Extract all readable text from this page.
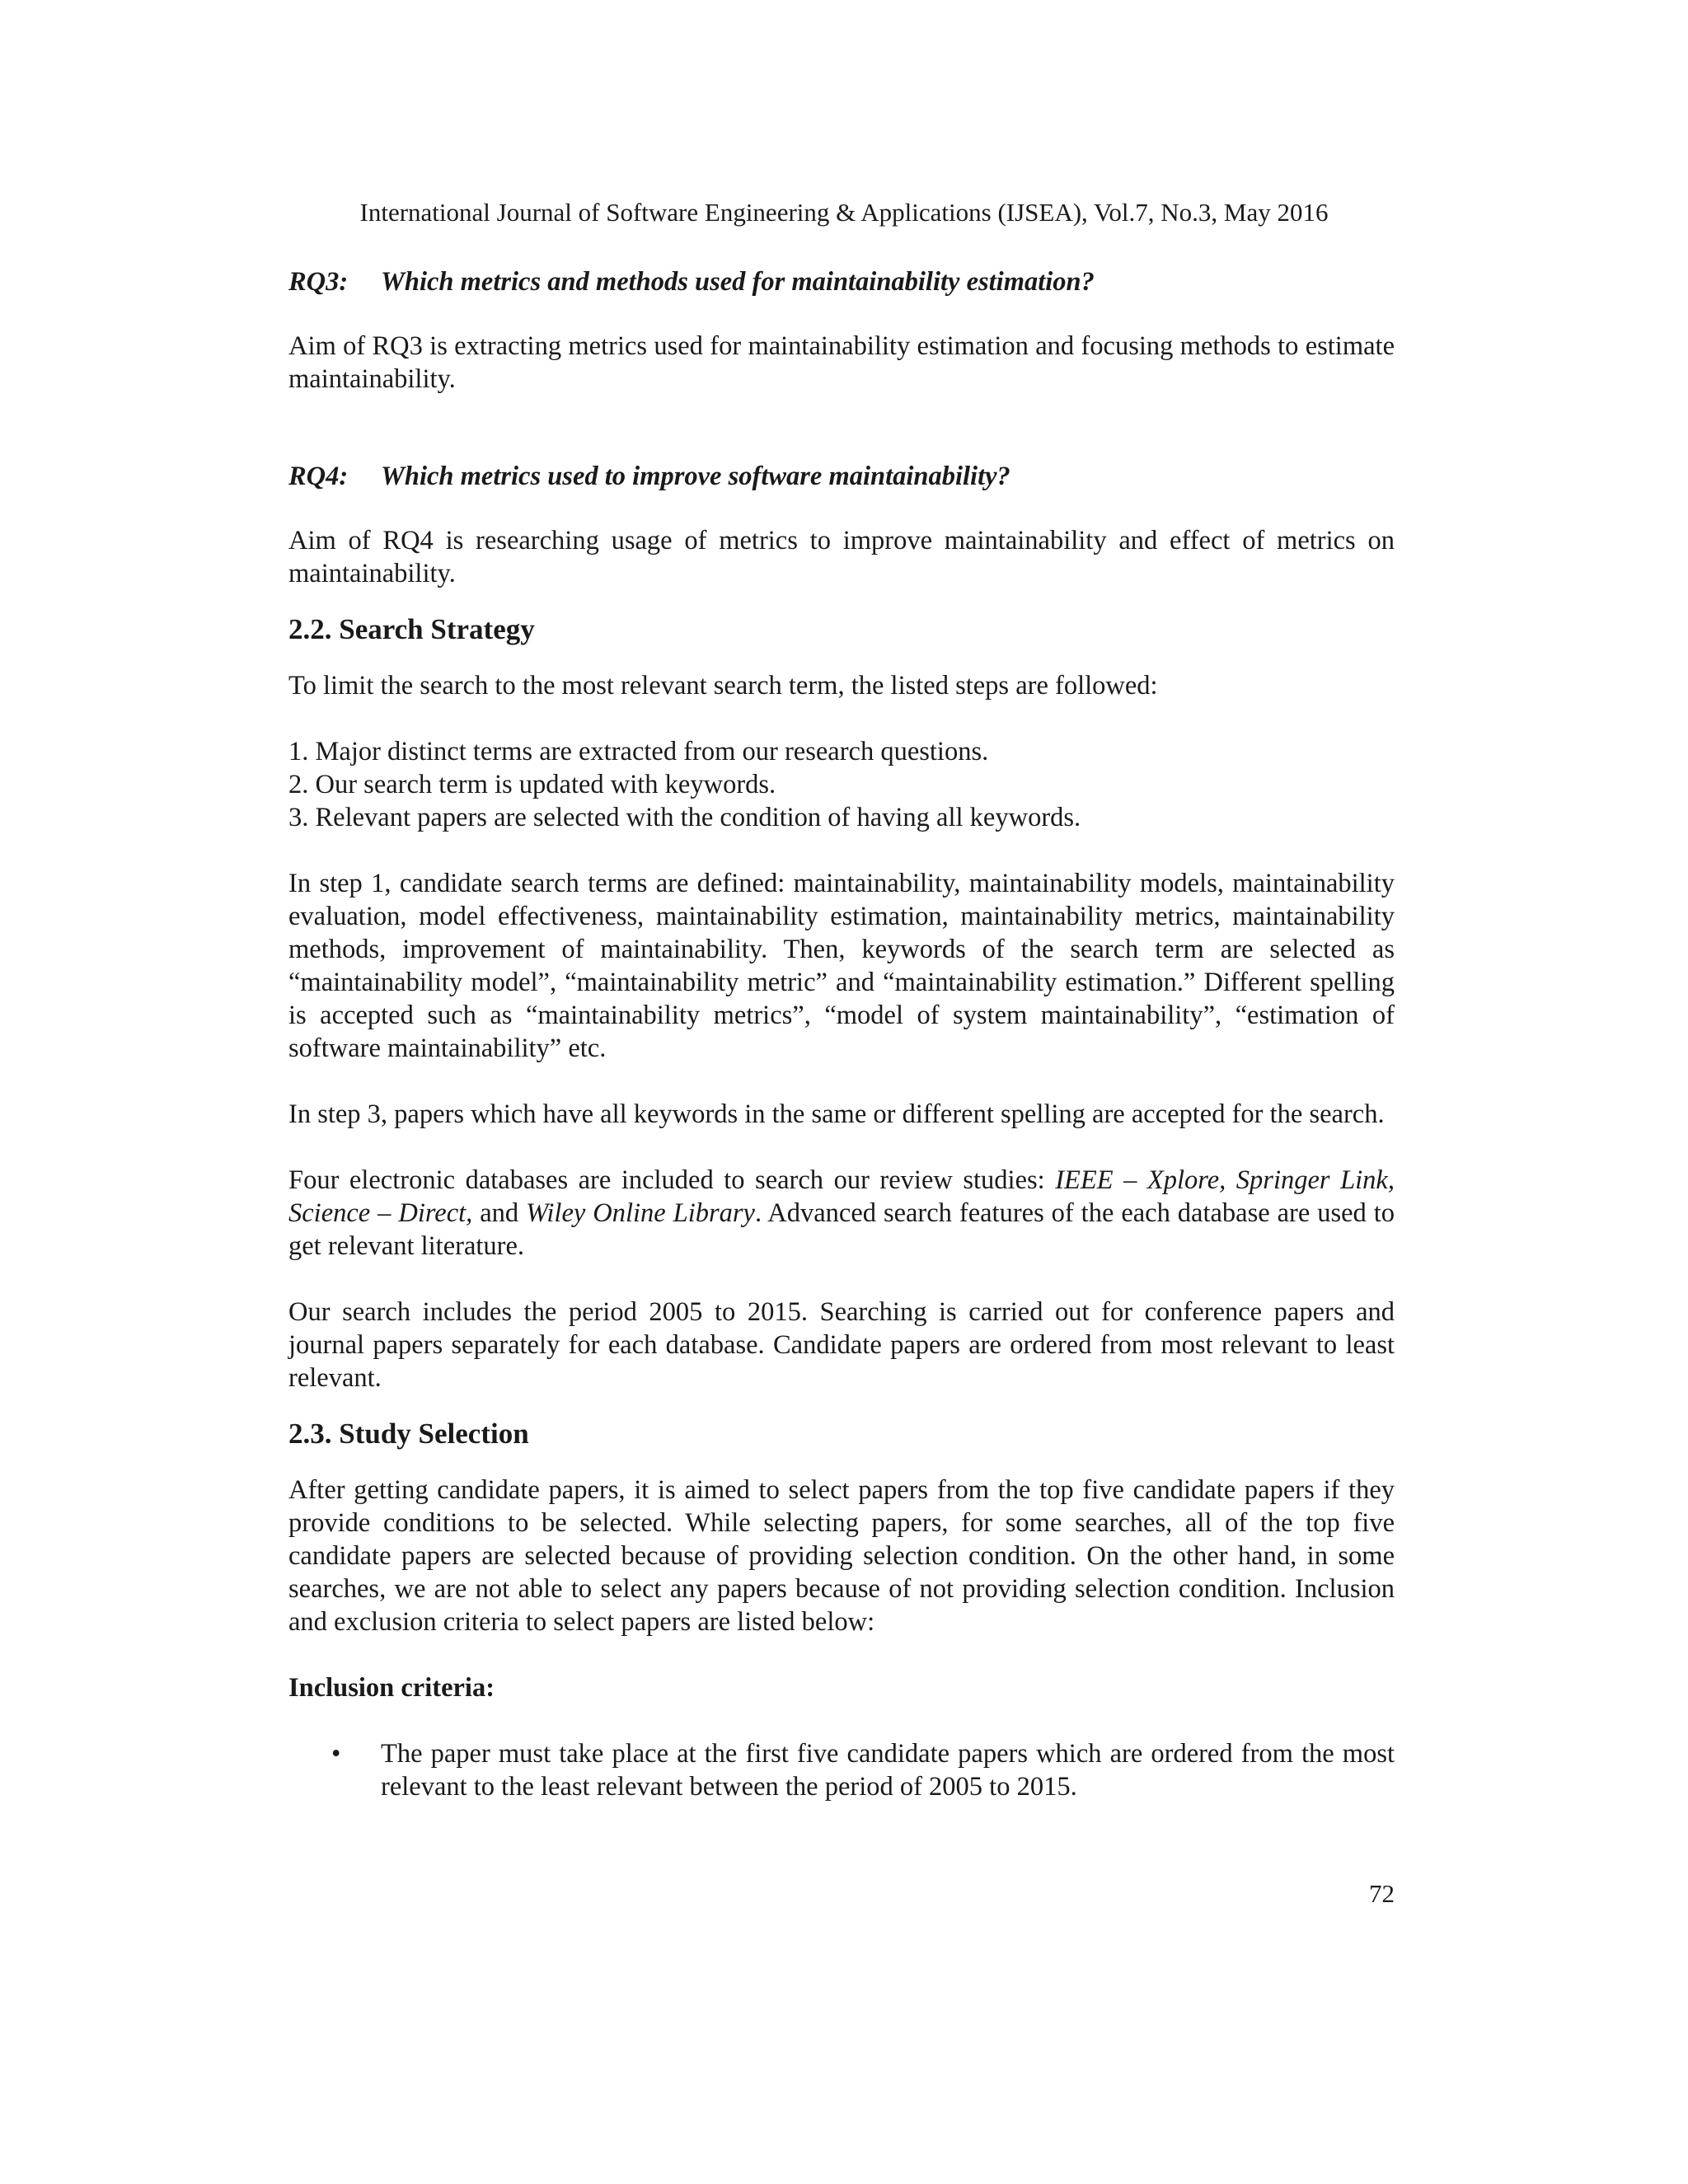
International Journal of Software Engineering & Applications (IJSEA), Vol.7, No.3, May 2016
RQ3:	Which metrics and methods used for maintainability estimation?

Aim of RQ3 is extracting metrics used for maintainability estimation and focusing methods to estimate maintainability.

RQ4:	Which metrics used to improve software maintainability?

Aim of RQ4 is researching usage of metrics to improve maintainability and effect of metrics on maintainability.

2.2. Search Strategy

To limit the search to the most relevant search term, the listed steps are followed:

1. Major distinct terms are extracted from our research questions.

2. Our search term is updated with keywords.

3. Relevant papers are selected with the condition of having all keywords.

In step 1, candidate search terms are defined: maintainability, maintainability models, maintainability evaluation, model effectiveness, maintainability estimation, maintainability metrics, maintainability methods, improvement of maintainability. Then, keywords of the search term are selected as “maintainability model”, “maintainability metric” and “maintainability estimation.” Different spelling is accepted such as “maintainability metrics”, “model of system maintainability”, “estimation of software maintainability” etc.

In step 3, papers which have all keywords in the same or different spelling are accepted for the search.

Four electronic databases are included to search our review studies: IEEE – Xplore, Springer Link, Science – Direct, and Wiley Online Library. Advanced search features of the each database are used to get relevant literature.

Our search includes the period 2005 to 2015. Searching is carried out for conference papers and journal papers separately for each database. Candidate papers are ordered from most relevant to least relevant.

2.3. Study Selection

After getting candidate papers, it is aimed to select papers from the top five candidate papers if they provide conditions to be selected. While selecting papers, for some searches, all of the top five candidate papers are selected because of providing selection condition. On the other hand, in some searches, we are not able to select any papers because of not providing selection condition. Inclusion and exclusion criteria to select papers are listed below:

Inclusion criteria:
• The paper must take place at the first five candidate papers which are ordered from the most relevant to the least relevant between the period of 2005 to 2015.
72
